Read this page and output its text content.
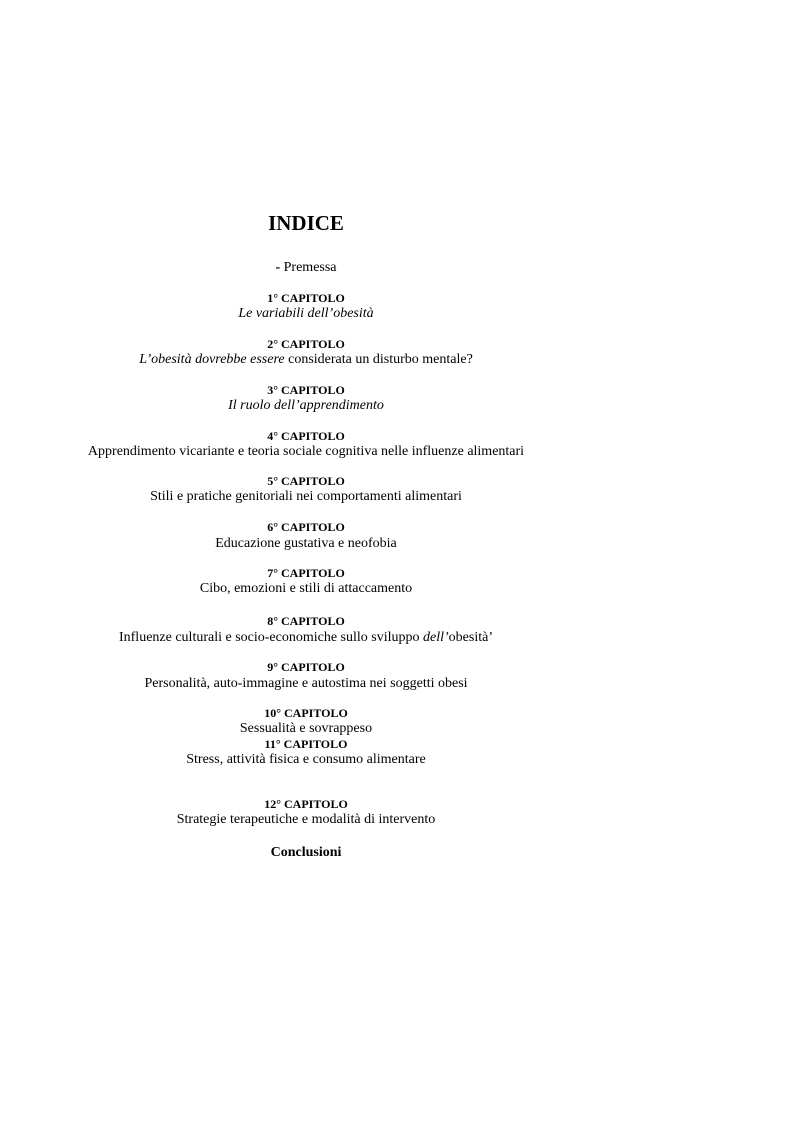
INDICE
- Premessa
1° CAPITOLO
Le variabili dell’obesità
2° CAPITOLO
L’obesità dovrebbe essere considerata un disturbo mentale?
3° CAPITOLO
Il ruolo dell’apprendimento
4° CAPITOLO
Apprendimento vicariante e teoria sociale cognitiva nelle influenze alimentari
5° CAPITOLO
Stili e pratiche genitoriali nei comportamenti alimentari
6° CAPITOLO
Educazione gustativa e neofobia
7° CAPITOLO
Cibo, emozioni e stili di attaccamento
8° CAPITOLO
Influenze culturali e socio-economiche sullo sviluppo dell’obesità’
9° CAPITOLO
Personalità, auto-immagine e autostima nei soggetti obesi
10° CAPITOLO
Sessualità e sovrappeso
11° CAPITOLO
Stress, attività fisica e consumo alimentare
12° CAPITOLO
Strategie terapeutiche e modalità di intervento
Conclusioni
